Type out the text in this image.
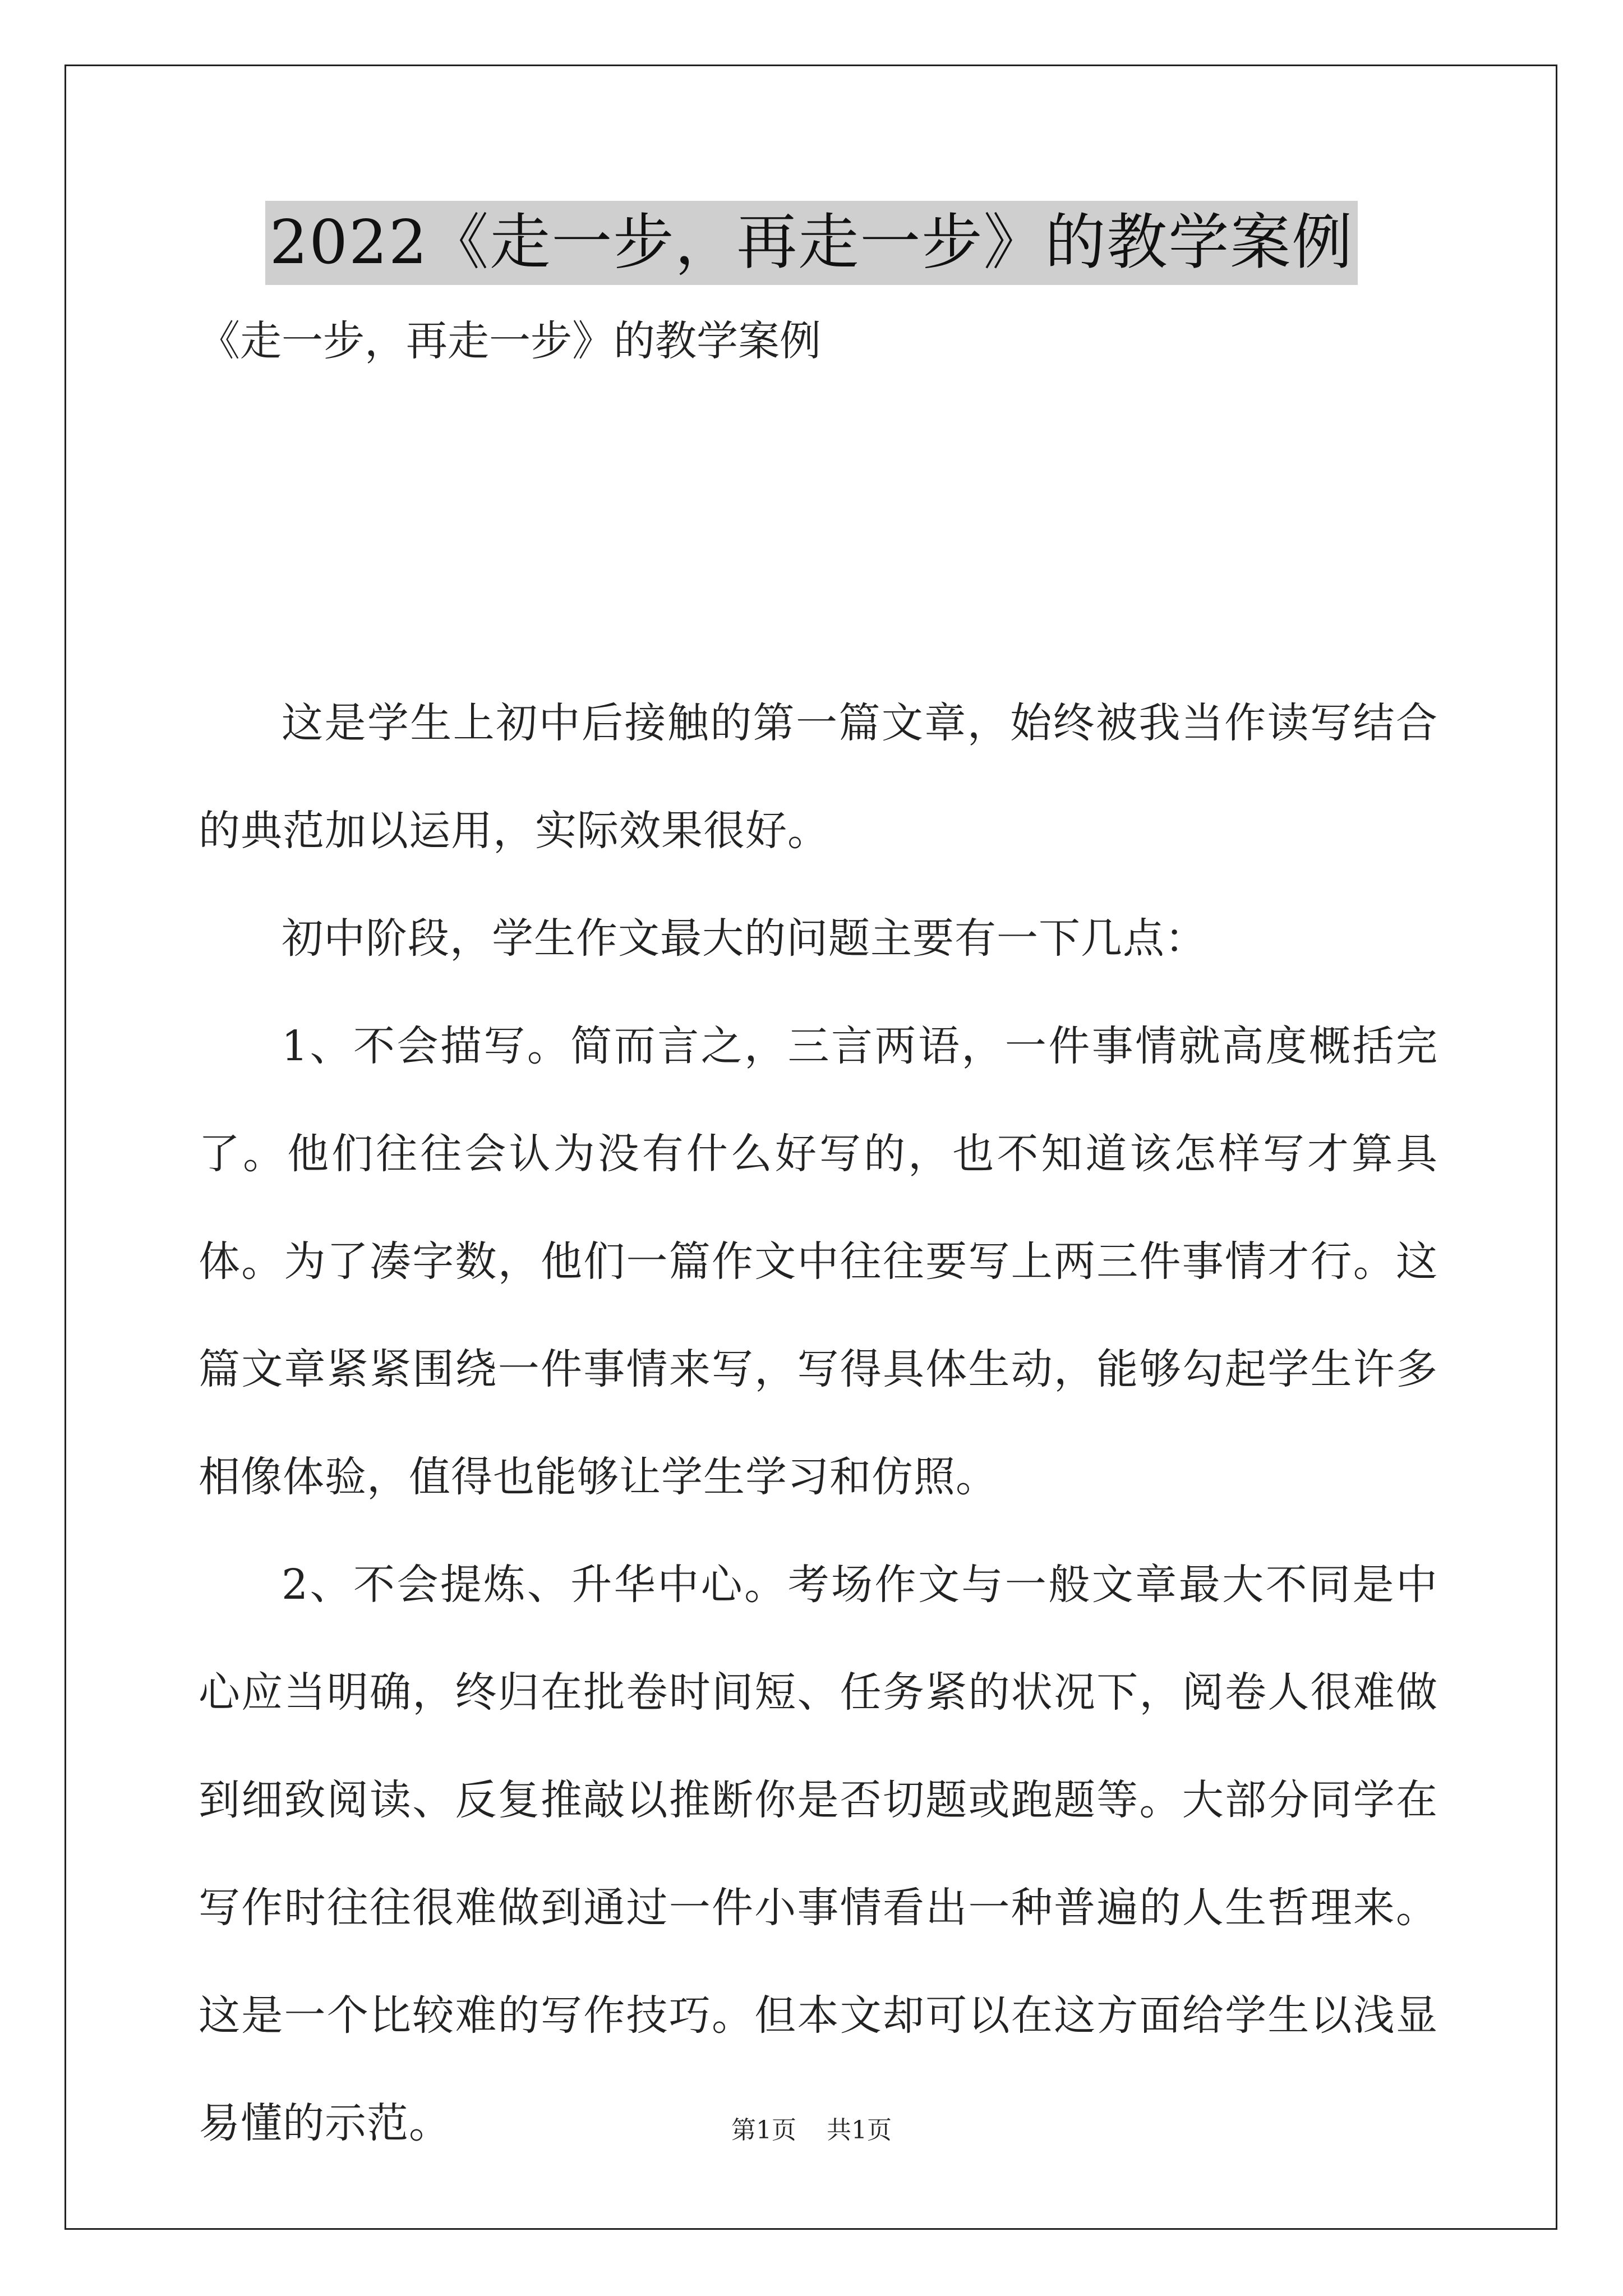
2022《走一步，再走一步》的教学案例
《走一步，再走一步》的教学案例

这是学生上初中后接触的第一篇文章，始终被我当作读写结合的典范加以运用，实际效果很好。

初中阶段，学生作文最大的问题主要有一下几点：

1、不会描写。简而言之，三言两语，一件事情就高度概括完了。他们往往会认为没有什么好写的，也不知道该怎样写才算具体。为了凑字数，他们一篇作文中往往要写上两三件事情才行。这篇文章紧紧围绕一件事情来写，写得具体生动，能够勾起学生许多相像体验，值得也能够让学生学习和仿照。

2、不会提炼、升华中心。考场作文与一般文章最大不同是中心应当明确，终归在批卷时间短、任务紧的状况下，阅卷人很难做到细致阅读、反复推敲以推断你是否切题或跑题等。大部分同学在写作时往往很难做到通过一件小事情看出一种普遍的人生哲理来。这是一个比较难的写作技巧。但本文却可以在这方面给学生以浅显易懂的示范。	第1页 共1页
